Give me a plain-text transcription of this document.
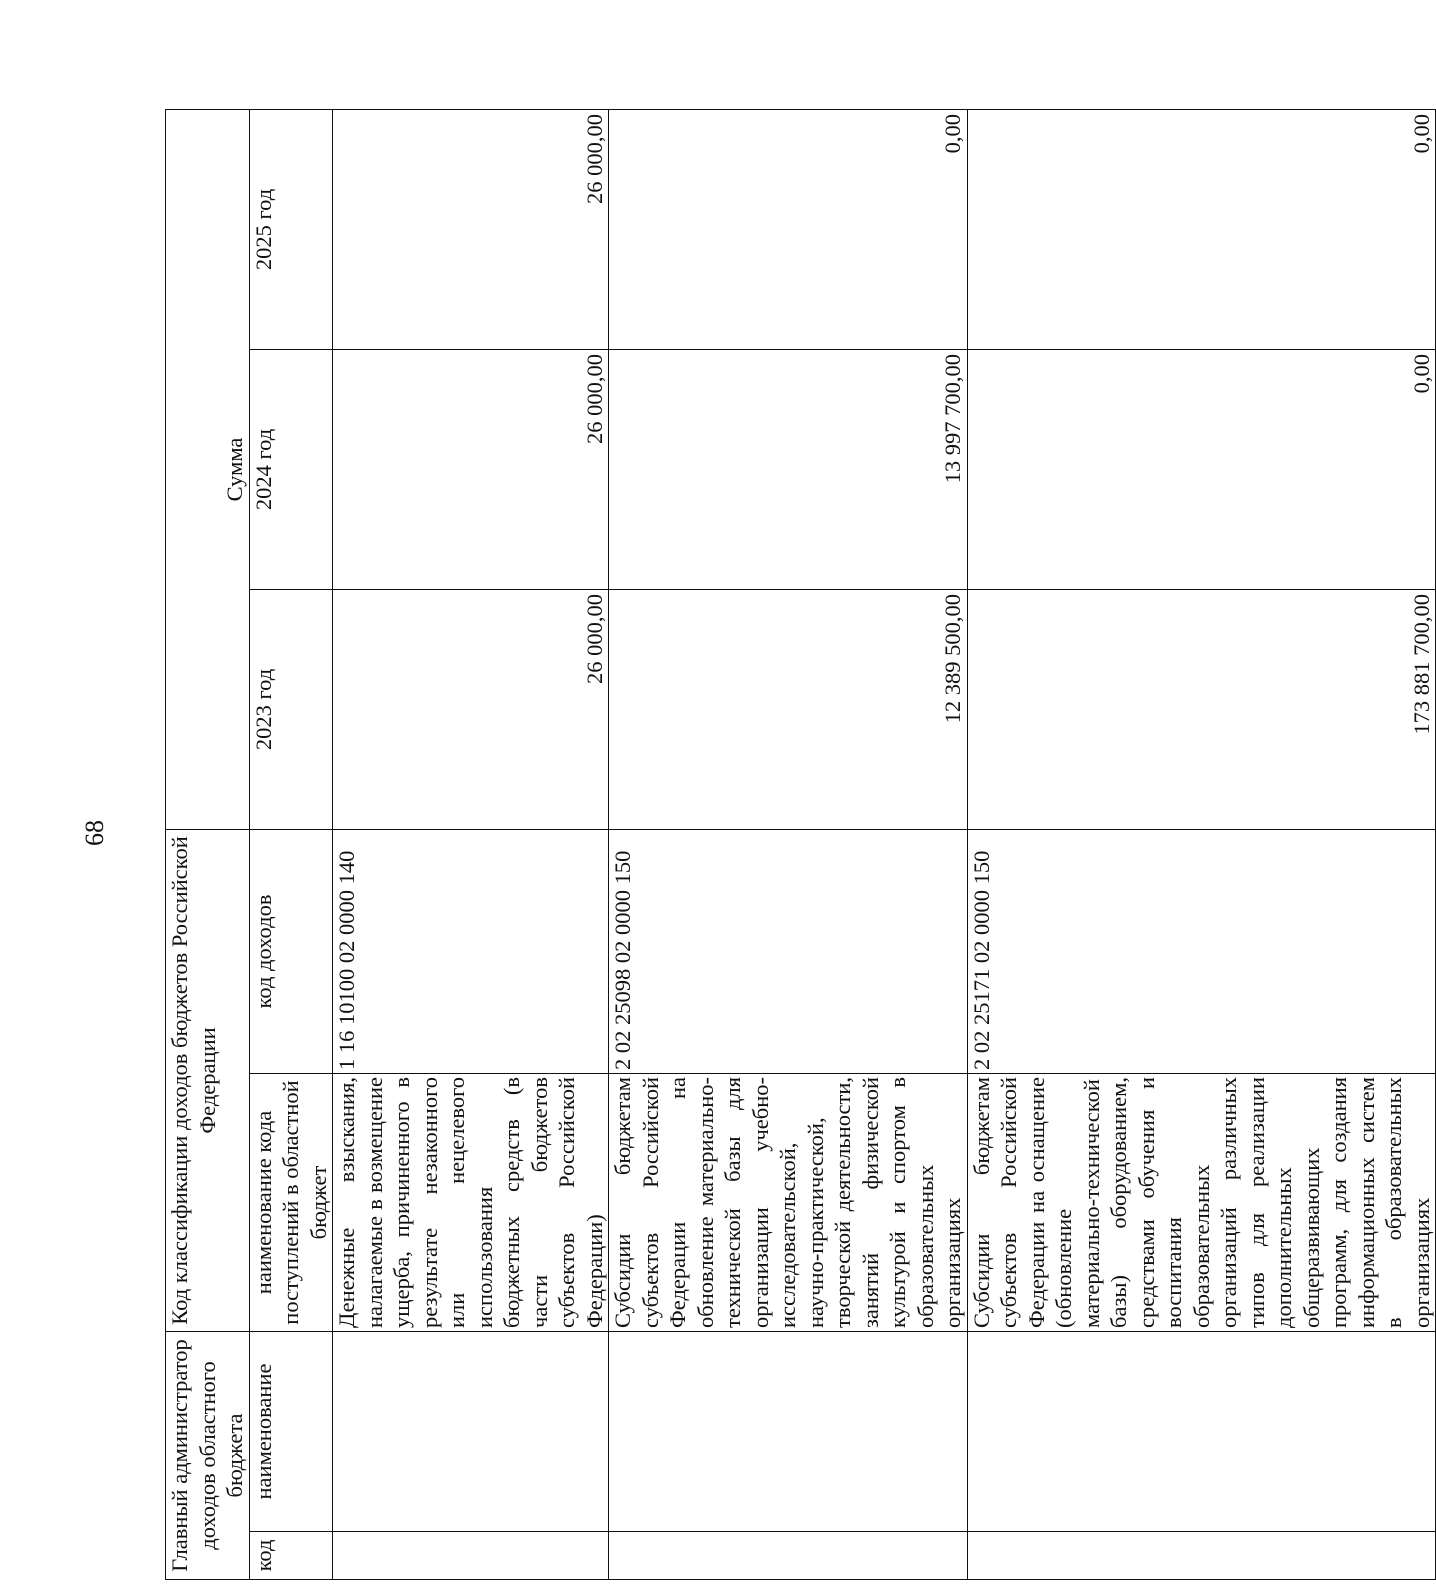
68
Главный администратор доходов областного бюджета		Код классификации доходов бюджетов Российской Федерации		Сумма		
код	наименование	наименование кода поступлений в областной бюджет	код доходов	2023 год	2024 год	2025 год
		Денежные взыскания, налагаемые в возмещение ущерба, причиненного в результате незаконного или нецелевого использования бюджетных средств (в части бюджетов субъектов Российской Федерации)	1 16 10100 02 0000 140	26 000,00	26 000,00	26 000,00
		Субсидии бюджетам субъектов Российской Федерации на обновление материально-технической базы для организации учебно-исследовательской, научно-практической, творческой деятельности, занятий физической культурой и спортом в образовательных организациях	2 02 25098 02 0000 150	12 389 500,00	13 997 700,00	0,00
		Субсидии бюджетам субъектов Российской Федерации на оснащение (обновление материально-технической базы) оборудованием, средствами обучения и воспитания образовательных организаций различных типов для реализации дополнительных общеразвивающих программ, для создания информационных систем в образовательных организациях	2 02 25171 02 0000 150	173 881 700,00	0,00	0,00
